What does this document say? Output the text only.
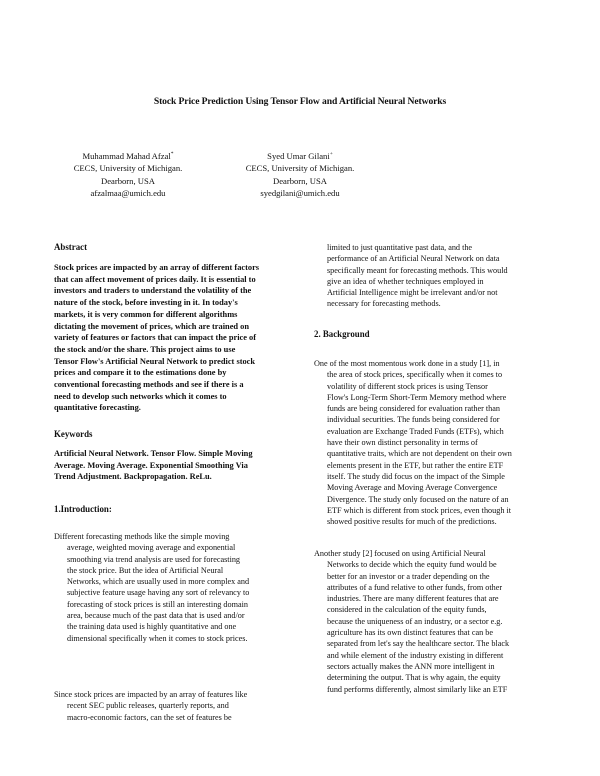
Stock Price Prediction Using Tensor Flow and Artificial Neural Networks
Muhammad Mahad Afzal*
CECS, University of Michigan.
Dearborn, USA
afzalmaa@umich.edu
Syed Umar Gilani+
CECS, University of Michigan.
Dearborn, USA
syedgilani@umich.edu
Abstract
Stock prices are impacted by an array of different factors
that can affect movement of prices daily. It is essential to
investors and traders to understand the volatility of the
nature of the stock, before investing in it. In today's
markets, it is very common for different algorithms
dictating the movement of prices, which are trained on
variety of features or factors that can impact the price of
the stock and/or the share. This project aims to use
Tensor Flow's Artificial Neural Network to predict stock
prices and compare it to the estimations done by
conventional forecasting methods and see if there is a
need to develop such networks which it comes to
quantitative forecasting.
Keywords
Artificial Neural Network. Tensor Flow. Simple Moving
Average. Moving Average. Exponential Smoothing Via
Trend Adjustment. Backpropagation. ReLu.
1.Introduction:
Different forecasting methods like the simple moving
average, weighted moving average and exponential
smoothing via trend analysis are used for forecasting
the stock price. But the idea of Artificial Neural
Networks, which are usually used in more complex and
subjective feature usage having any sort of relevancy to
forecasting of stock prices is still an interesting domain
area, because much of the past data that is used and/or
the training data used is highly quantitative and one
dimensional specifically when it comes to stock prices.
Since stock prices are impacted by an array of features like
recent SEC public releases, quarterly reports, and
macro-economic factors, can the set of features be
limited to just quantitative past data, and the
performance of an Artificial Neural Network on data
specifically meant for forecasting methods. This would
give an idea of whether techniques employed in
Artificial Intelligence might be irrelevant and/or not
necessary for forecasting methods.
2. Background
One of the most momentous work done in a study [1], in
the area of stock prices, specifically when it comes to
volatility of different stock prices is using Tensor
Flow's Long-Term Short-Term Memory method where
funds are being considered for evaluation rather than
individual securities. The funds being considered for
evaluation are Exchange Traded Funds (ETFs), which
have their own distinct personality in terms of
quantitative traits, which are not dependent on their own
elements present in the ETF, but rather the entire ETF
itself. The study did focus on the impact of the Simple
Moving Average and Moving Average Convergence
Divergence. The study only focused on the nature of an
ETF which is different from stock prices, even though it
showed positive results for much of the predictions.
Another study [2] focused on using Artificial Neural
Networks to decide which the equity fund would be
better for an investor or a trader depending on the
attributes of a fund relative to other funds, from other
industries. There are many different features that are
considered in the calculation of the equity funds,
because the uniqueness of an industry, or a sector e.g.
agriculture has its own distinct features that can be
separated from let's say the healthcare sector. The black
and while element of the industry existing in different
sectors actually makes the ANN more intelligent in
determining the output. That is why again, the equity
fund performs differently, almost similarly like an ETF
